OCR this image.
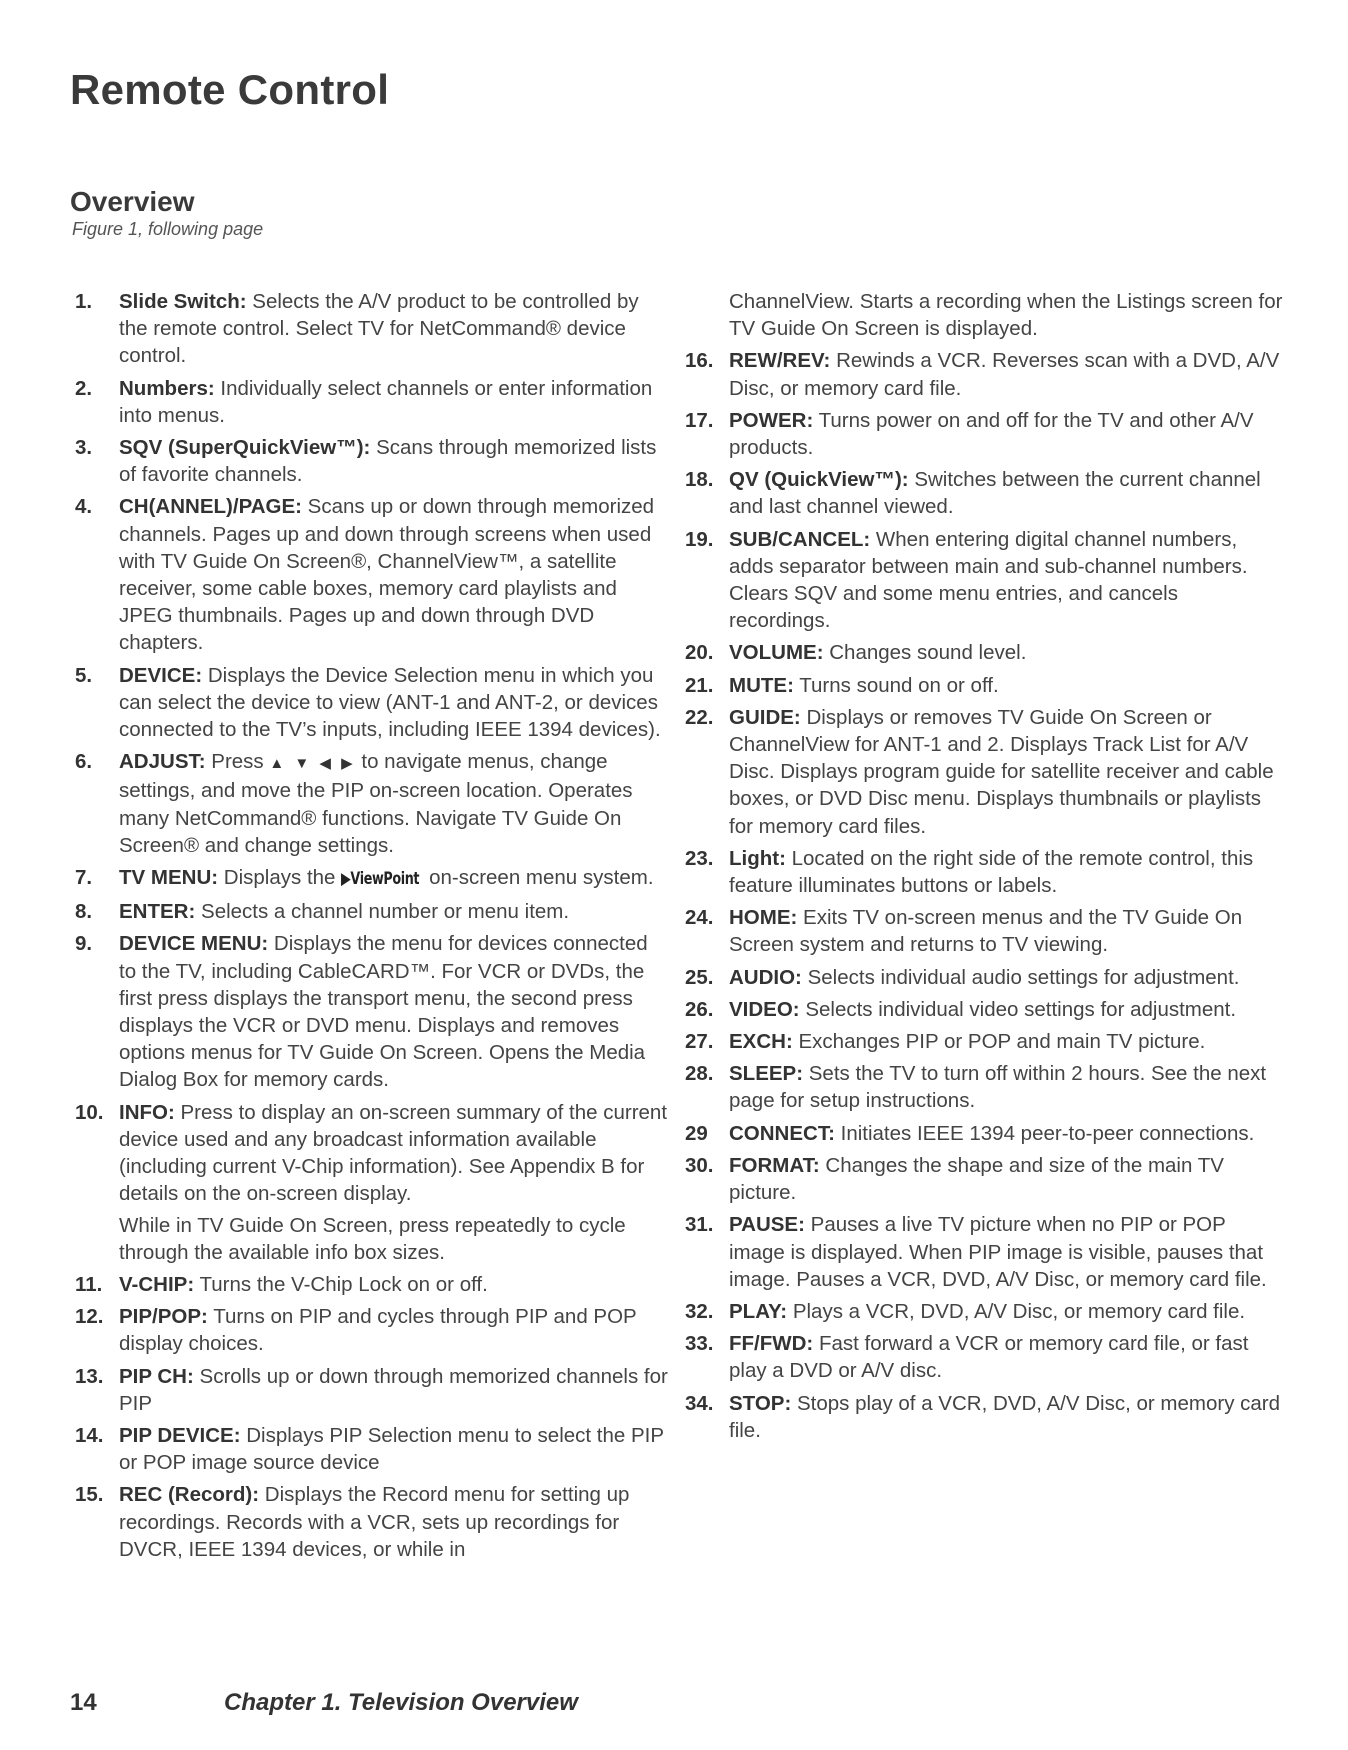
Remote Control
Overview
Figure 1, following page
1. Slide Switch: Selects the A/V product to be controlled by the remote control. Select TV for NetCommand® device control.
2. Numbers: Individually select channels or enter information into menus.
3. SQV (SuperQuickView™): Scans through memorized lists of favorite channels.
4. CH(ANNEL)/PAGE: Scans up or down through memorized channels. Pages up and down through screens when used with TV Guide On Screen®, ChannelView™, a satellite receiver, some cable boxes, memory card playlists and JPEG thumbnails. Pages up and down through DVD chapters.
5. DEVICE: Displays the Device Selection menu in which you can select the device to view (ANT-1 and ANT-2, or devices connected to the TV’s inputs, including IEEE 1394 devices).
6. ADJUST: Press ▲ ▼ ◀ ▶ to navigate menus, change settings, and move the PIP on-screen location. Operates many NetCommand® functions. Navigate TV Guide On Screen® and change settings.
7. TV MENU: Displays the ▶ViewPoint on-screen menu system.
8. ENTER: Selects a channel number or menu item.
9. DEVICE MENU: Displays the menu for devices connected to the TV, including CableCARD™. For VCR or DVDs, the first press displays the transport menu, the second press displays the VCR or DVD menu. Displays and removes options menus for TV Guide On Screen. Opens the Media Dialog Box for memory cards.
10. INFO: Press to display an on-screen summary of the current device used and any broadcast information available (including current V-Chip information). See Appendix B for details on the on-screen display.
While in TV Guide On Screen, press repeatedly to cycle through the available info box sizes.
11. V-CHIP: Turns the V-Chip Lock on or off.
12. PIP/POP: Turns on PIP and cycles through PIP and POP display choices.
13. PIP CH: Scrolls up or down through memorized channels for PIP
14. PIP DEVICE: Displays PIP Selection menu to select the PIP or POP image source device
15. REC (Record): Displays the Record menu for setting up recordings. Records with a VCR, sets up recordings for DVCR, IEEE 1394 devices, or while in
ChannelView. Starts a recording when the Listings screen for TV Guide On Screen is displayed.
16. REW/REV: Rewinds a VCR. Reverses scan with a DVD, A/V Disc, or memory card file.
17. POWER: Turns power on and off for the TV and other A/V products.
18. QV (QuickView™): Switches between the current channel and last channel viewed.
19. SUB/CANCEL: When entering digital channel numbers, adds separator between main and sub-channel numbers. Clears SQV and some menu entries, and cancels recordings.
20. VOLUME: Changes sound level.
21. MUTE: Turns sound on or off.
22. GUIDE: Displays or removes TV Guide On Screen or ChannelView for ANT-1 and 2. Displays Track List for A/V Disc. Displays program guide for satellite receiver and cable boxes, or DVD Disc menu. Displays thumbnails or playlists for memory card files.
23. Light: Located on the right side of the remote control, this feature illuminates buttons or labels.
24. HOME: Exits TV on-screen menus and the TV Guide On Screen system and returns to TV viewing.
25. AUDIO: Selects individual audio settings for adjustment.
26. VIDEO: Selects individual video settings for adjustment.
27. EXCH: Exchanges PIP or POP and main TV picture.
28. SLEEP: Sets the TV to turn off within 2 hours. See the next page for setup instructions.
29 CONNECT: Initiates IEEE 1394 peer-to-peer connections.
30. FORMAT: Changes the shape and size of the main TV picture.
31. PAUSE: Pauses a live TV picture when no PIP or POP image is displayed. When PIP image is visible, pauses that image. Pauses a VCR, DVD, A/V Disc, or memory card file.
32. PLAY: Plays a VCR, DVD, A/V Disc, or memory card file.
33. FF/FWD: Fast forward a VCR or memory card file, or fast play a DVD or A/V disc.
34. STOP: Stops play of a VCR, DVD, A/V Disc, or memory card file.
14	Chapter 1. Television Overview
